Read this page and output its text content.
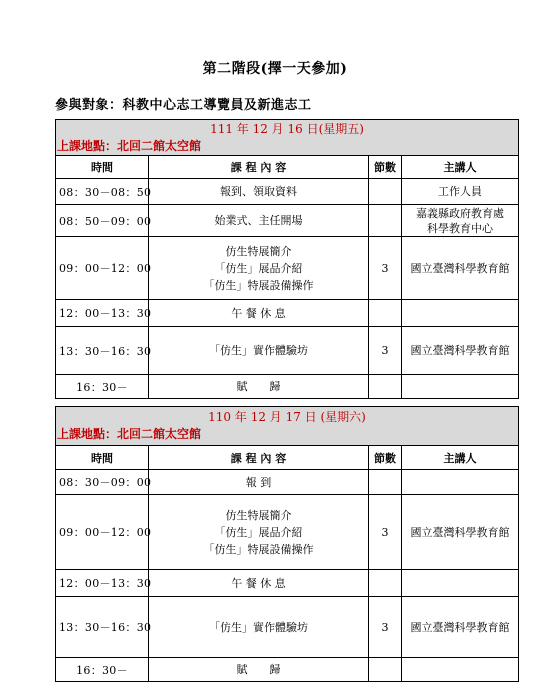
第二階段(擇一天參加)
參與對象：科教中心志工導覽員及新進志工
111 年 12 月 16 日(星期五)
上課地點：北回二館太空館			

時間	課 程 內 容	節數	主講人
08：30－08：50	報到、領取資料		工作人員

08：50－09：00	始業式、主任開場		嘉義縣政府教育處
科學教育中心

09：00－12：00	仿生特展簡介
「仿生」展品介紹
「仿生」特展設備操作	3	國立臺灣科學教育館

12：00－13：30	午 餐 休 息		

13：30－16：30	「仿生」實作體驗坊	3	國立臺灣科學教育館

16：30－	賦　　歸		

110 年 12 月 17 日 (星期六)
上課地點：北回二館太空館			

時間	課 程 內 容	節數	主講人
08：30－09：00	報 到		

09：00－12：00	仿生特展簡介
「仿生」展品介紹
「仿生」特展設備操作	3	國立臺灣科學教育館

12：00－13：30	午 餐 休 息		

13：30－16：30	「仿生」實作體驗坊	3	國立臺灣科學教育館

16：30－	賦　　歸		
